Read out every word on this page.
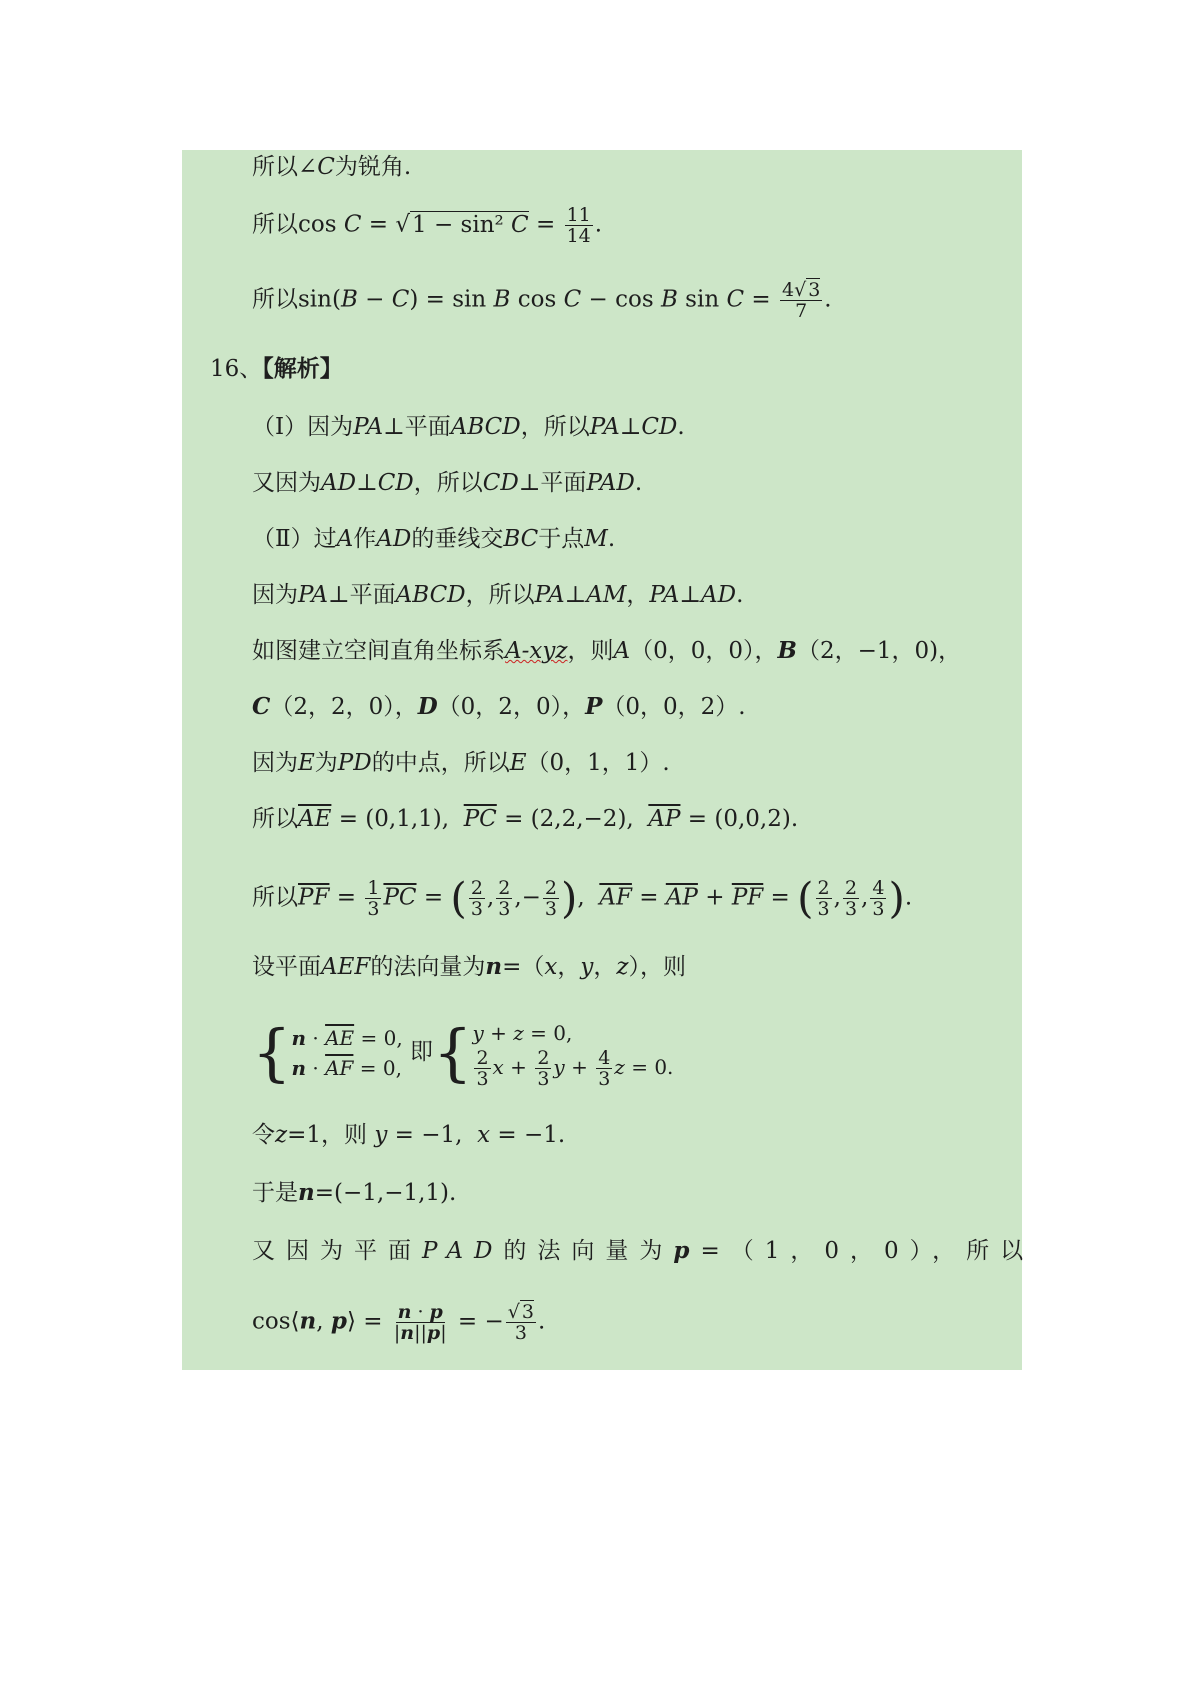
所以∠C为锐角.
所以cos C = √1 − sin² $C = \frac{11}{14}$ .
所以sin(B − C) = sin B cos C − cos B $\sin C = \frac{4√ 3}{7}$ .
16、【解析】
（Ⅰ）因为PA⊥平面ABCD，所以PA⊥CD.
又因为AD⊥CD，所以CD⊥平面PAD.
（Ⅱ）过A作AD的垂线交BC于点M.
因为PA⊥平面ABCD，所以PA⊥AM，PA⊥AD.
如图建立空间直角坐标系A-xyz，则A（0，0，0），B（2，−1，0)，
C（2，2，0），D（0，2，0），P（0，0，2）.
因为E为PD的中点，所以E（0，1，1）.
所以$\overline{AE} = (0,1,1)$,  $\overline{PC} = (2,2,-2)$,  $\overline{AP} = (0,0,2)$.
所以$\overline{PF} = \frac{1}{3} \overline{PC}$ = ( $\frac{2}{3}$ , $\frac{2}{3}$ ,− $\frac{2}{3}$ ),  $\overline{AF} = \overline{AP} + \overline{PF}$ = ( $\frac{2}{3}$ , $\frac{2}{3}$ , $\frac{4}{3}$ ).
设平面AEF的法向量为n=（x，y，z），则
{ $n \cdot \overline{AE} = 0$,
$n \cdot \overline{AF} = 0$,
即{ y + z = 0,
$\frac{2}{3}$ $x + \frac{2}{3}$ $y + \frac{4}{3}$ z = 0.
令z=1，则 y = −1,  x = −1.
于是n=(−1,−1,1).
又因为平面PAD的法向量为p=（1，0，0），所以
cos⟨n, p⟩ = $\frac{n \cdot p}{|n||p|}$ = − $\frac{√ 3}{3}$ .
